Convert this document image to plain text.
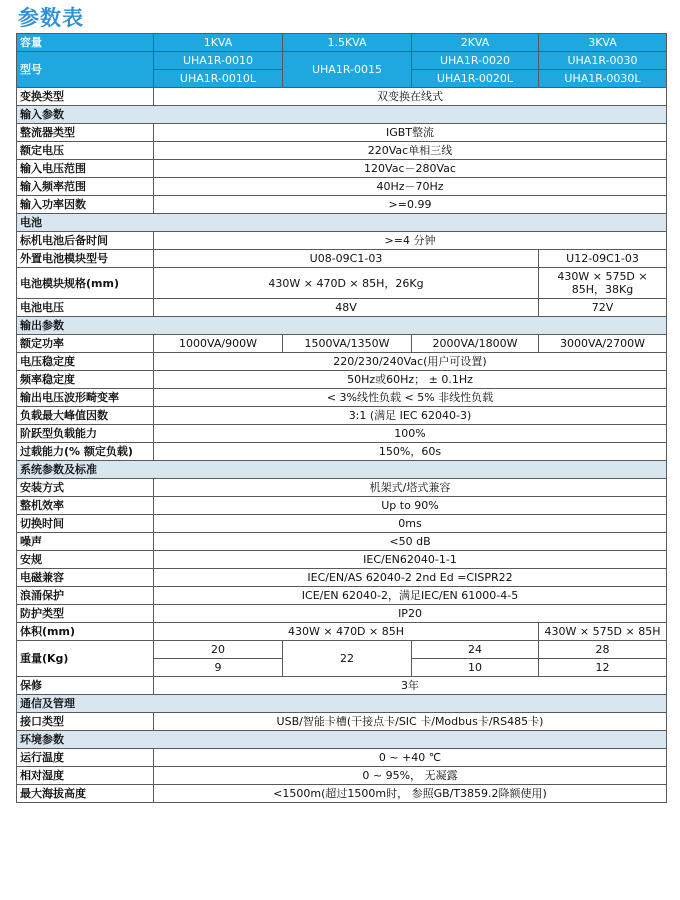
参数表
容量	1KVA	1.5KVA	2KVA	3KVA
型号	UHA1R-0010	UHA1R-0015	UHA1R-0020	UHA1R-0030
	UHA1R-0010L		UHA1R-0020L	UHA1R-0030L
变换类型	双变换在线式			
输入参数				
整流器类型	IGBT整流			
额定电压	220Vac单相三线			
输入电压范围	120Vac－280Vac			
输入频率范围	40Hz－70Hz			
输入功率因数	>=0.99			
电池				
标机电池后备时间	>=4 分钟			
外置电池模块型号	U08-09C1-03			U12-09C1-03
电池模块规格(mm)	430W × 470D × 85H，26Kg			430W × 575D × 85H，38Kg
电池电压	48V			72V
输出参数				
额定功率	1000VA/900W	1500VA/1350W	2000VA/1800W	3000VA/2700W
电压稳定度	220/230/240Vac(用户可设置)			
频率稳定度	50Hz或60Hz； ± 0.1Hz			
输出电压波形畸变率	< 3%线性负载 < 5% 非线性负载			
负载最大峰值因数	3:1 (满足 IEC 62040-3)			
阶跃型负载能力	100%			
过载能力(% 额定负载)	150%，60s			
系统参数及标准				
安装方式	机架式/塔式兼容			
整机效率	Up to 90%			
切换时间	0ms			
噪声	<50 dB			
安规	IEC/EN62040-1-1			
电磁兼容	IEC/EN/AS 62040-2 2nd Ed =CISPR22			
浪涌保护	ICE/EN 62040-2，满足IEC/EN 61000-4-5			
防护类型	IP20			
体积(mm)	430W × 470D × 85H			430W × 575D × 85H
重量(Kg)	20	22	24	28
	9		10	12
保修	3年			
通信及管理				
接口类型	USB/智能卡槽(干接点卡/SIC 卡/Modbus卡/RS485卡)			
环境参数				
运行温度	0 ~ +40 ℃			
相对湿度	0 ~ 95%， 无凝露			
最大海拔高度	<1500m(超过1500m时， 参照GB/T3859.2降额使用)			
